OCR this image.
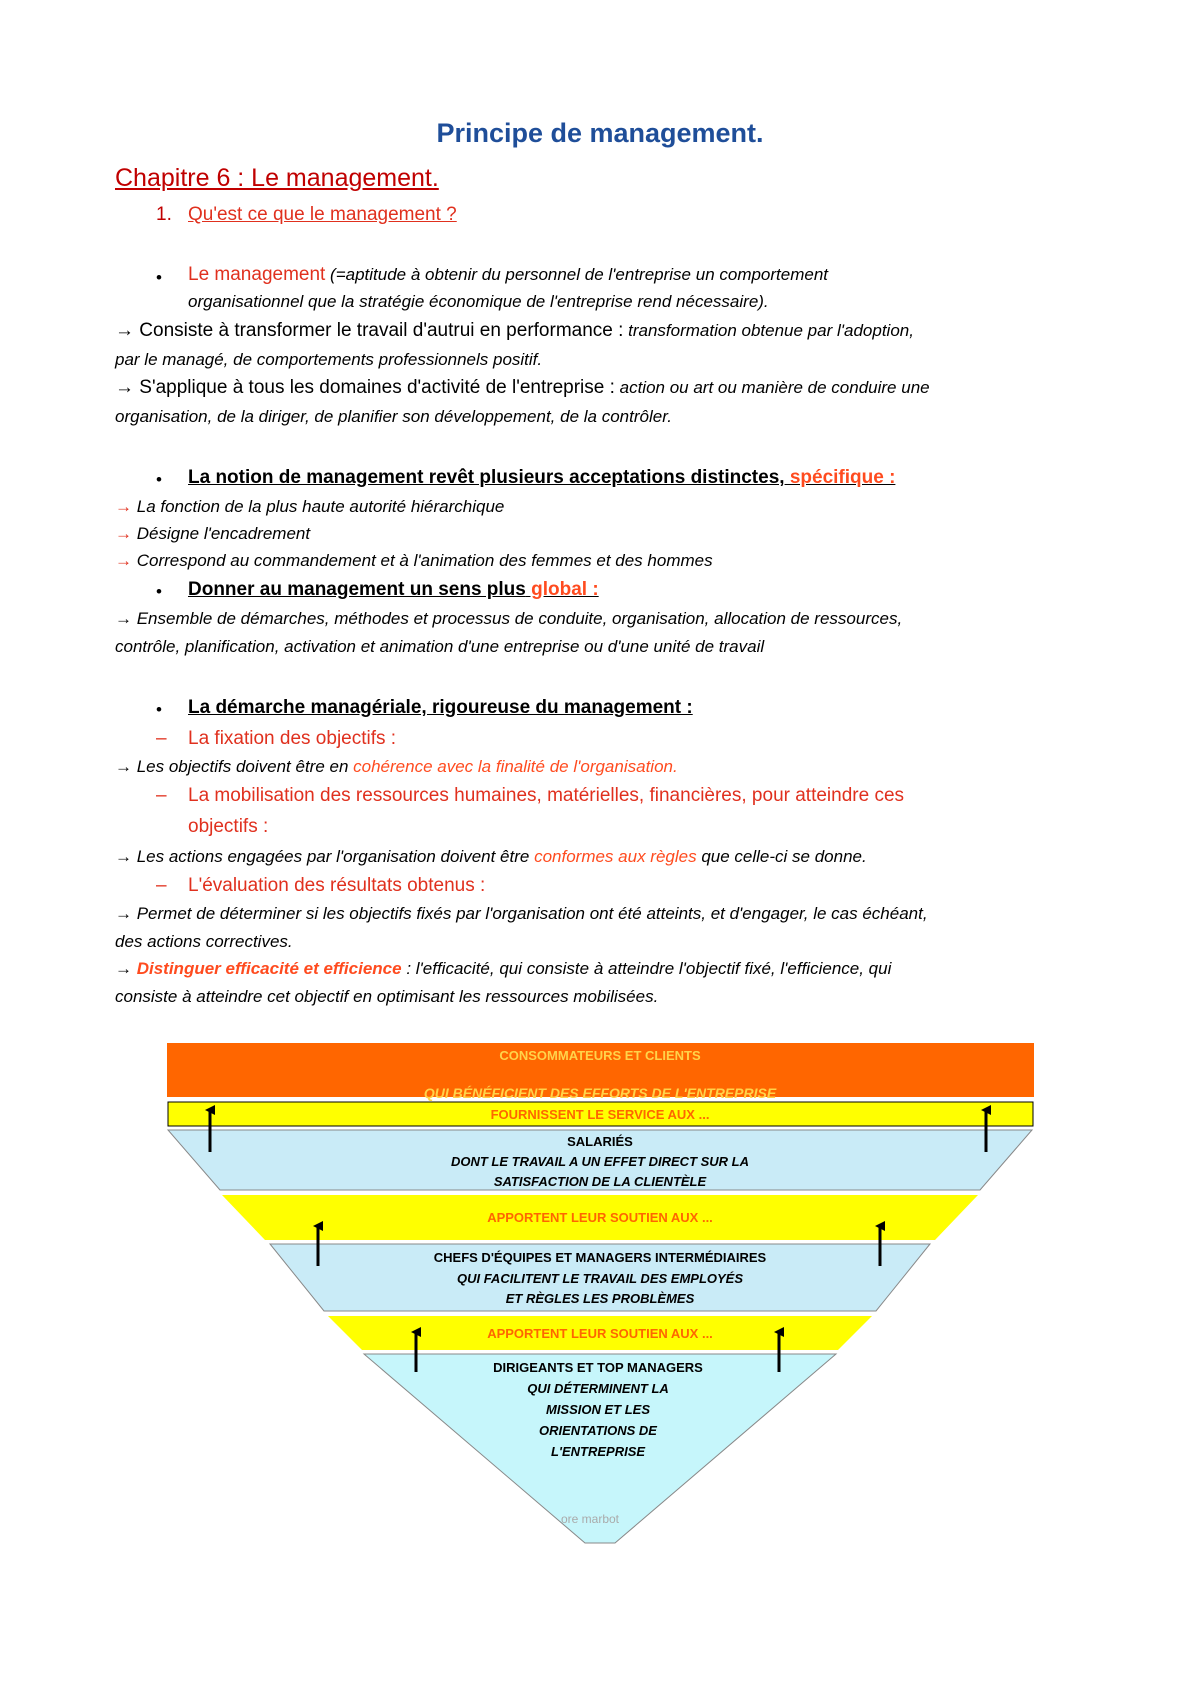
Principe de management.
Chapitre 6 : Le management.
1. Qu'est ce que le management ?
• Le management (=aptitude à obtenir du personnel de l'entreprise un comportement
organisationnel que la stratégie économique de l'entreprise rend nécessaire).
→ Consiste à transformer le travail d'autrui en performance : transformation obtenue par l'adoption,
par le managé, de comportements professionnels positif.
→ S'applique à tous les domaines d'activité de l'entreprise : action ou art ou manière de conduire une
organisation, de la diriger, de planifier son développement, de la contrôler.
• La notion de management revêt plusieurs acceptations distinctes, spécifique :
→ La fonction de la plus haute autorité hiérarchique
→ Désigne l'encadrement
→ Correspond au commandement et à l'animation des femmes et des hommes
• Donner au management un sens plus global :
→ Ensemble de démarches, méthodes et processus de conduite, organisation, allocation de ressources,
contrôle, planification, activation et animation d'une entreprise ou d'une unité de travail
• La démarche managériale, rigoureuse du management :
– La fixation des objectifs :
→ Les objectifs doivent être en cohérence avec la finalité de l'organisation.
– La mobilisation des ressources humaines, matérielles, financières, pour atteindre ces
objectifs :
→ Les actions engagées par l'organisation doivent être conformes aux règles que celle-ci se donne.
– L'évaluation des résultats obtenus :
→ Permet de déterminer si les objectifs fixés par l'organisation ont été atteints, et d'engager, le cas échéant,
des actions correctives.
→ Distinguer efficacité et efficience : l'efficacité, qui consiste à atteindre l'objectif fixé, l'efficience, qui
consiste à atteindre cet objectif en optimisant les ressources mobilisées.
CONSOMMATEURS ET CLIENTS
QUI BÉNÉFICIENT DES EFFORTS DE L'ENTREPRISE
FOURNISSENT LE SERVICE AUX ...
SALARIÉS
DONT LE TRAVAIL A UN EFFET DIRECT SUR LA
SATISFACTION DE LA CLIENTÈLE
APPORTENT LEUR SOUTIEN AUX ...
CHEFS D'ÉQUIPES ET MANAGERS INTERMÉDIAIRES
QUI FACILITENT LE TRAVAIL DES EMPLOYÉS
ET RÈGLES LES PROBLÈMES
APPORTENT LEUR SOUTIEN AUX ...
DIRIGEANTS ET TOP MANAGERS
QUI DÉTERMINENT LA
MISSION ET LES
ORIENTATIONS DE
L'ENTREPRISE
ore marbot
